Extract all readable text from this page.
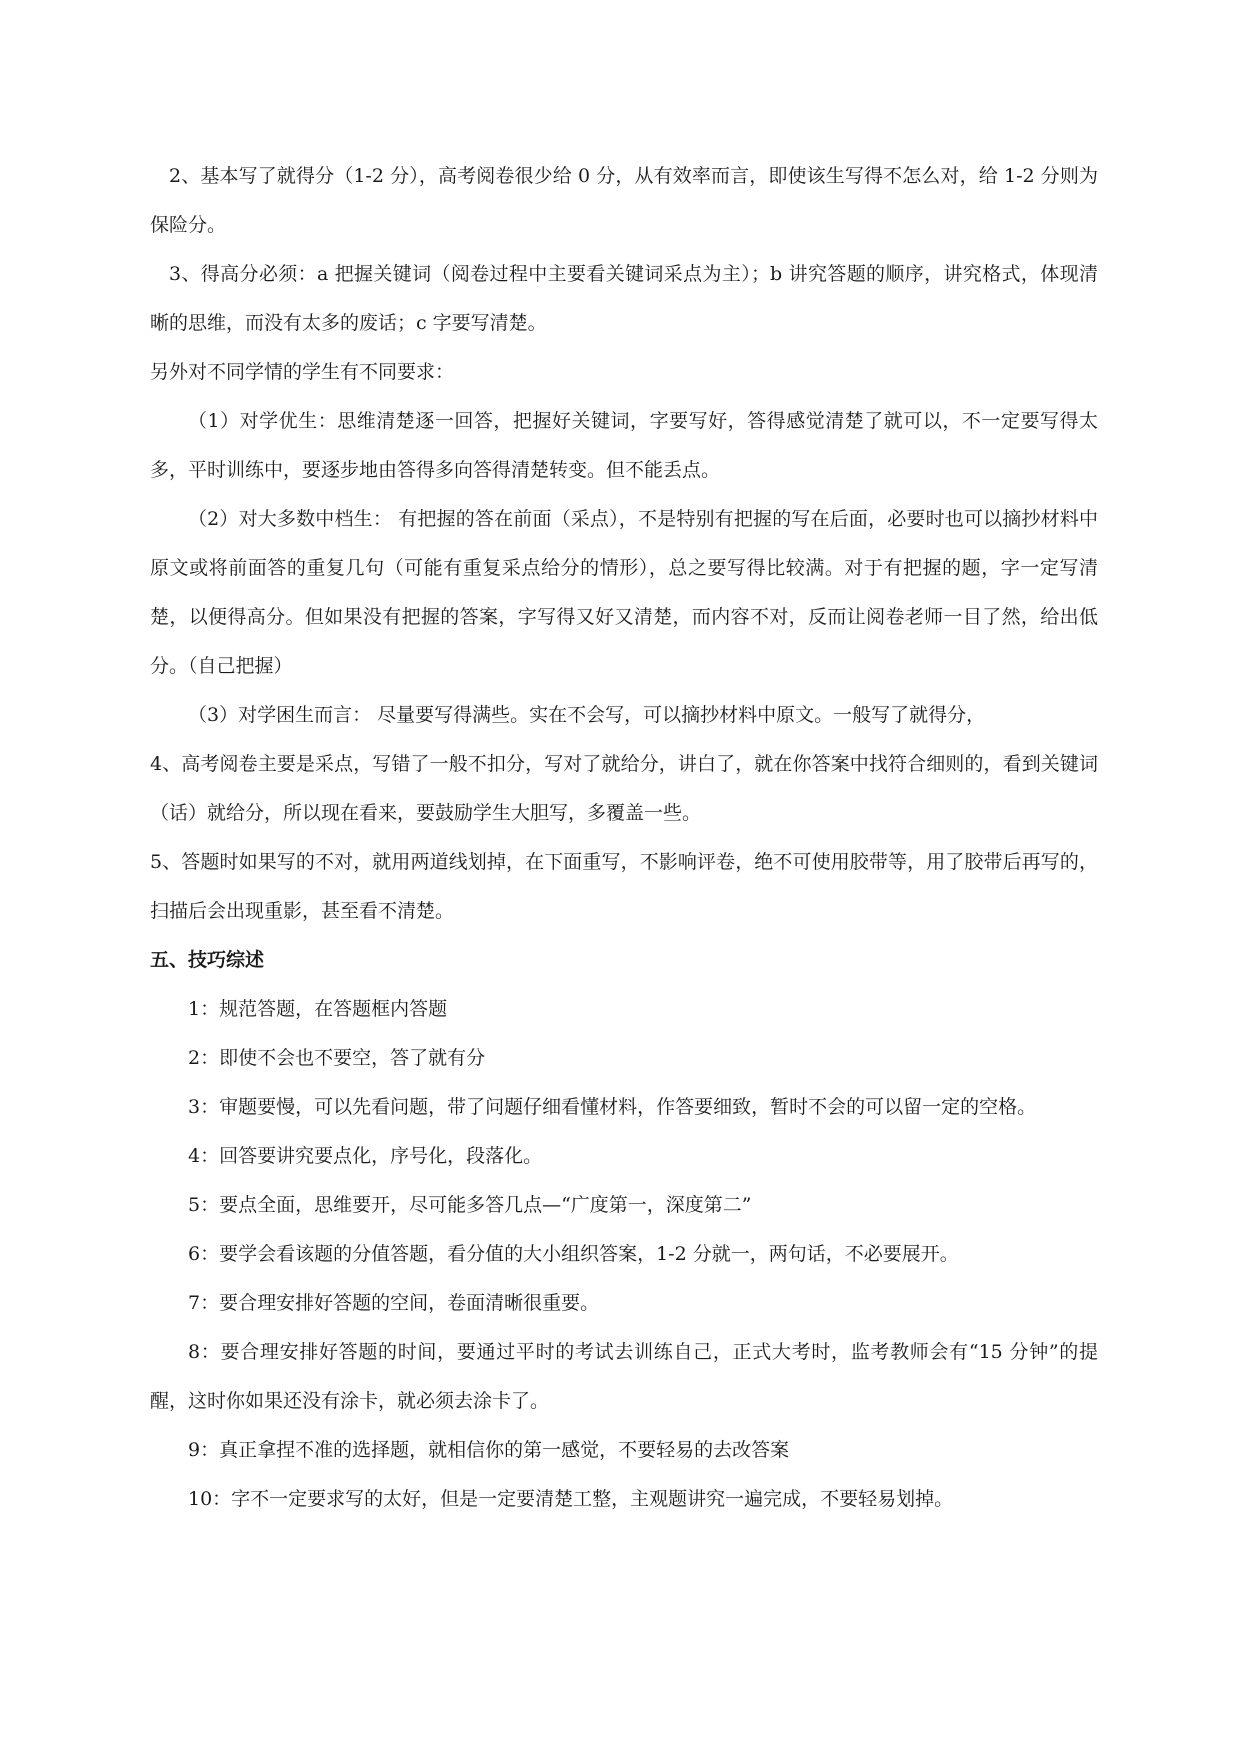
2、基本写了就得分（1-2 分），高考阅卷很少给 0 分，从有效率而言，即使该生写得不怎么对，给 1-2 分则为保险分。

3、得高分必须：a 把握关键词（阅卷过程中主要看关键词采点为主）；b 讲究答题的顺序，讲究格式，体现清晰的思维，而没有太多的废话；c 字要写清楚。

另外对不同学情的学生有不同要求：

（1）对学优生：思维清楚逐一回答，把握好关键词，字要写好，答得感觉清楚了就可以，不一定要写得太多，平时训练中，要逐步地由答得多向答得清楚转变。但不能丢点。

（2）对大多数中档生： 有把握的答在前面（采点），不是特别有把握的写在后面，必要时也可以摘抄材料中原文或将前面答的重复几句（可能有重复采点给分的情形），总之要写得比较满。对于有把握的题，字一定写清楚，以便得高分。但如果没有把握的答案，字写得又好又清楚，而内容不对，反而让阅卷老师一目了然，给出低分。（自己把握）

（3）对学困生而言： 尽量要写得满些。实在不会写，可以摘抄材料中原文。一般写了就得分，

4、高考阅卷主要是采点，写错了一般不扣分，写对了就给分，讲白了，就在你答案中找符合细则的，看到关键词（话）就给分，所以现在看来，要鼓励学生大胆写，多覆盖一些。

5、答题时如果写的不对，就用两道线划掉，在下面重写，不影响评卷，绝不可使用胶带等，用了胶带后再写的，扫描后会出现重影，甚至看不清楚。

五、技巧综述

1：规范答题，在答题框内答题

2：即使不会也不要空，答了就有分

3：审题要慢，可以先看问题，带了问题仔细看懂材料，作答要细致，暂时不会的可以留一定的空格。

4：回答要讲究要点化，序号化，段落化。

5：要点全面，思维要开，尽可能多答几点—“广度第一，深度第二”

6：要学会看该题的分值答题，看分值的大小组织答案，1-2 分就一，两句话，不必要展开。

7：要合理安排好答题的空间，卷面清晰很重要。

8：要合理安排好答题的时间，要通过平时的考试去训练自己，正式大考时，监考教师会有“15 分钟”的提醒，这时你如果还没有涂卡，就必须去涂卡了。

9：真正拿捏不准的选择题，就相信你的第一感觉，不要轻易的去改答案

10：字不一定要求写的太好，但是一定要清楚工整，主观题讲究一遍完成，不要轻易划掉。
